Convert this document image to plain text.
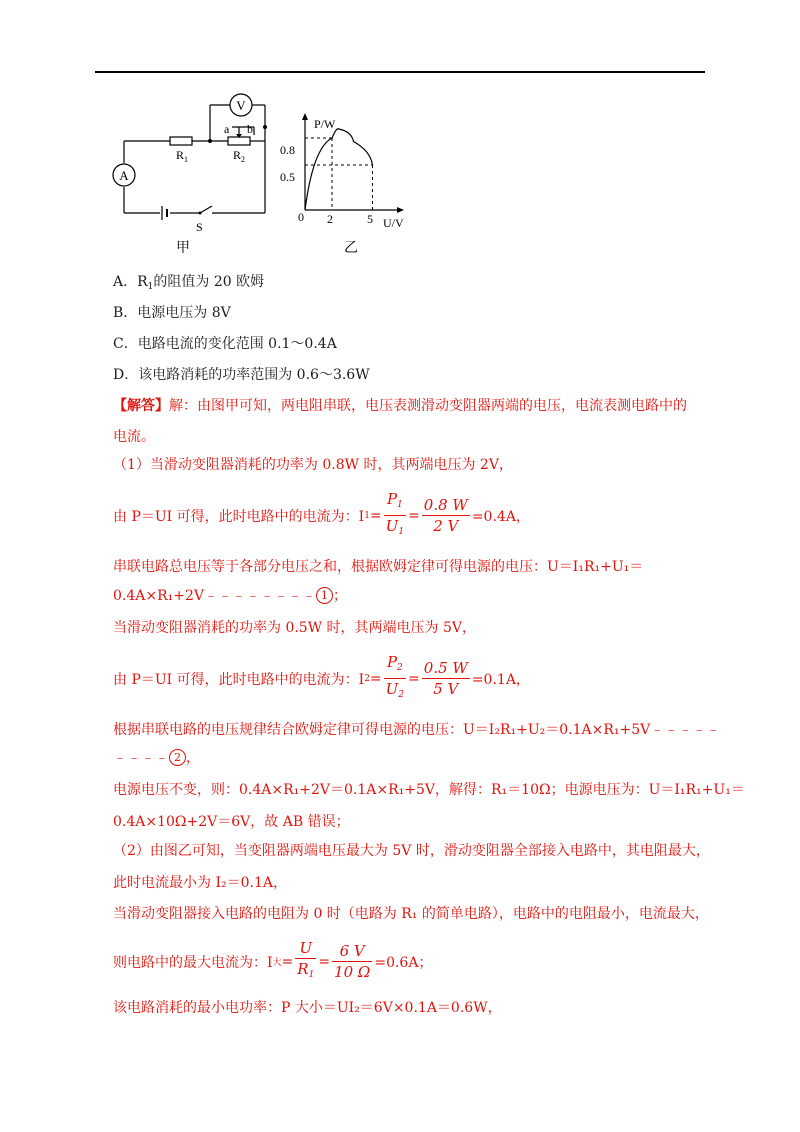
A
V
$R_1$	$R_2$
a b
S
甲
P/W
U/V
0
0.8
0.5
2	5
乙
A．$R_1$的阻值为 20 欧姆
B．电源电压为 8V
C．电路电流的变化范围 0.1～0.4A
D．该电路消耗的功率范围为 0.6～3.6W
【解答】解：由图甲可知，两电阻串联，电压表测滑动变阻器两端的电压，电流表测电路中的
电流。
（1）当滑动变阻器消耗的功率为 0.8W 时，其两端电压为 2V，
由 P＝UI 可得，此时电路中的电流为：I $1 = \frac{P_1}{U_1} = \frac{0.8 W}{2 V} =0.4A$，
串联电路总电压等于各部分电压之和，根据欧姆定律可得电源的电压：U＝I₁R₁+U₁＝
0.4A×R₁+2V﹣﹣﹣﹣﹣﹣﹣﹣ 1 ；
当滑动变阻器消耗的功率为 0.5W 时，其两端电压为 5V，
由 P＝UI 可得，此时电路中的电流为：I $2 = \frac{P_2}{U_2} = \frac{0.5 W}{5 V} =0.1A$，
根据串联电路的电压规律结合欧姆定律可得电源的电压：U＝I₂R₁+U₂＝0.1A×R₁+5V﹣﹣﹣﹣﹣
﹣﹣﹣﹣ 2 ，
电源电压不变，则：0.4A×R₁+2V＝0.1A×R₁+5V，解得：R₁＝10Ω；电源电压为：U＝I₁R₁+U₁＝
0.4A×10Ω+2V＝6V，故 AB 错误；
（2）由图乙可知，当变阻器两端电压最大为 5V 时，滑动变阻器全部接入电路中，其电阻最大，
此时电流最小为 I₂＝0.1A，
当滑动变阻器接入电路的电阻为 0 时（电路为 R₁ 的简单电路），电路中的电阻最小，电流最大，
则电路中的最大电流为：I 大 = $\frac{U}{R_1} = \frac{6 V}{10 \Omega} =0.6A$；
该电路消耗的最小电功率：P 大小＝UI₂＝6V×0.1A＝0.6W，
